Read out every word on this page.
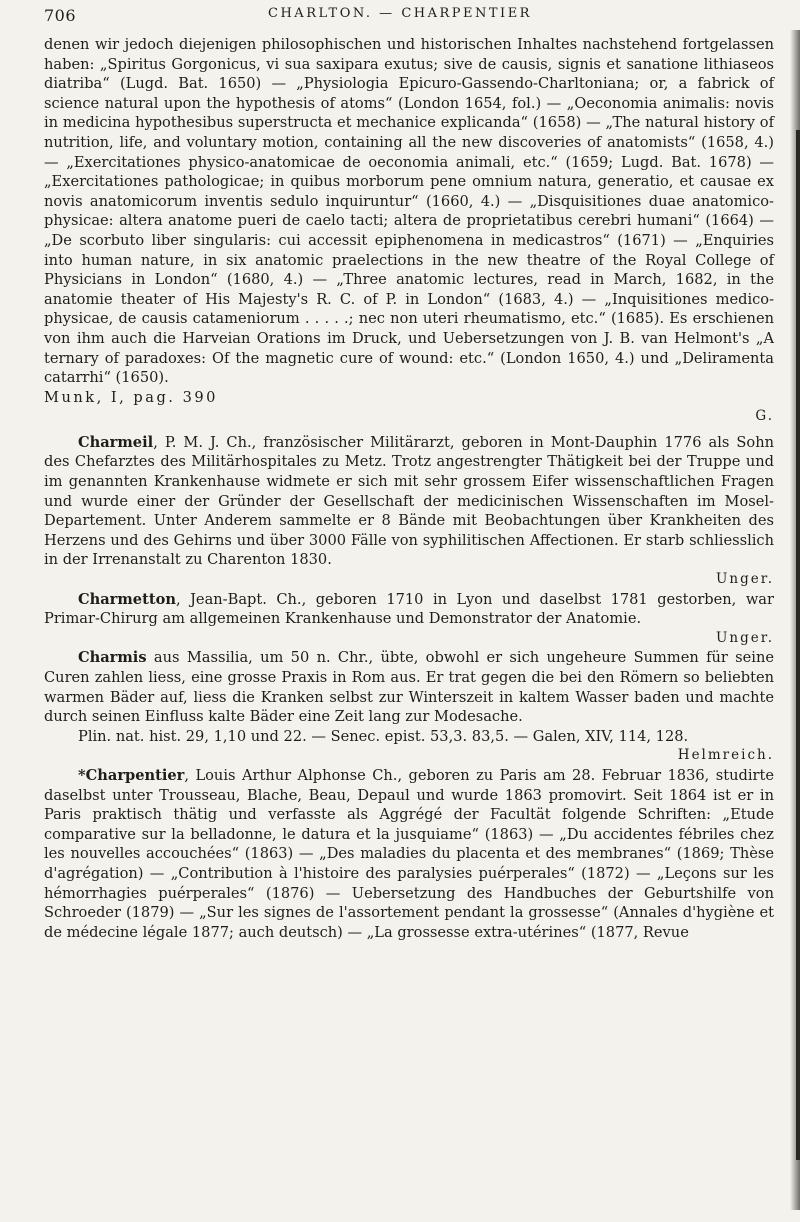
706	CHARLTON. — CHARPENTIER

denen wir jedoch diejenigen philosophischen und historischen Inhaltes nachstehend fortgelassen haben: „Spiritus Gorgonicus, vi sua saxipara exutus; sive de causis, signis et sanatione lithiaseos diatriba“ (Lugd. Bat. 1650) — „Physiologia Epicuro-Gassendo-Charltoniana; or, a fabrick of science natural upon the hypothesis of atoms“ (London 1654, fol.) — „Oeconomia animalis: novis in medicina hypothesibus superstructa et mechanice explicanda“ (1658) — „The natural history of nutrition, life, and voluntary motion, containing all the new discoveries of anatomists“ (1658, 4.) — „Exercitationes physico-anatomicae de oeconomia animali, etc.“ (1659; Lugd. Bat. 1678) — „Exercitationes pathologicae; in quibus morborum pene omnium natura, generatio, et causae ex novis anatomicorum inventis sedulo inquiruntur“ (1660, 4.) — „Disquisitiones duae anatomico-physicae: altera anatome pueri de caelo tacti; altera de proprietatibus cerebri humani“ (1664) — „De scorbuto liber singularis: cui accessit epiphenomena in medicastros“ (1671) — „Enquiries into human nature, in six anatomic praelections in the new theatre of the Royal College of Physicians in London“ (1680, 4.) — „Three anatomic lectures, read in March, 1682, in the anatomie theater of His Majesty's R. C. of P. in London“ (1683, 4.) — „Inquisitiones medico-physicae, de causis catameniorum . . . . .; nec non uteri rheumatismo, etc.“ (1685). Es erschienen von ihm auch die Harveian Orations im Druck, und Uebersetzungen von J. B. van Helmont's „A ternary of paradoxes: Of the magnetic cure of wound: etc.“ (London 1650, 4.) und „Deliramenta catarrhi“ (1650).

Munk, I, pag. 390

G.

Charmeil, P. M. J. Ch., französischer Militärarzt, geboren in Mont-Dauphin 1776 als Sohn des Chefarztes des Militärhospitales zu Metz. Trotz angestrengter Thätigkeit bei der Truppe und im genannten Krankenhause widmete er sich mit sehr grossem Eifer wissenschaftlichen Fragen und wurde einer der Gründer der Gesellschaft der medicinischen Wissenschaften im Mosel-Departement. Unter Anderem sammelte er 8 Bände mit Beobachtungen über Krankheiten des Herzens und des Gehirns und über 3000 Fälle von syphilitischen Affectionen. Er starb schliesslich in der Irrenanstalt zu Charenton 1830.

Unger.

Charmetton, Jean-Bapt. Ch., geboren 1710 in Lyon und daselbst 1781 gestorben, war Primar-Chirurg am allgemeinen Krankenhause und Demonstrator der Anatomie.

Unger.

Charmis aus Massilia, um 50 n. Chr., übte, obwohl er sich ungeheure Summen für seine Curen zahlen liess, eine grosse Praxis in Rom aus. Er trat gegen die bei den Römern so beliebten warmen Bäder auf, liess die Kranken selbst zur Winterszeit in kaltem Wasser baden und machte durch seinen Einfluss kalte Bäder eine Zeit lang zur Modesache.

Plin. nat. hist. 29, 1,10 und 22. — Senec. epist. 53,3. 83,5. — Galen, XIV, 114, 128.

Helmreich.

*Charpentier, Louis Arthur Alphonse Ch., geboren zu Paris am 28. Februar 1836, studirte daselbst unter Trousseau, Blache, Beau, Depaul und wurde 1863 promovirt. Seit 1864 ist er in Paris praktisch thätig und verfasste als Aggrégé der Facultät folgende Schriften: „Etude comparative sur la belladonne, le datura et la jusquiame“ (1863) — „Du accidentes fébriles chez les nouvelles accouchées“ (1863) — „Des maladies du placenta et des membranes“ (1869; Thèse d'agrégation) — „Contribution à l'histoire des paralysies puérperales“ (1872) — „Leçons sur les hémorrhagies puérperales“ (1876) — Uebersetzung des Handbuches der Geburtshilfe von Schroeder (1879) — „Sur les signes de l'assortement pendant la grossesse“ (Annales d'hygiène et de médecine légale 1877; auch deutsch) — „La grossesse extra-utérines“ (1877, Revue
